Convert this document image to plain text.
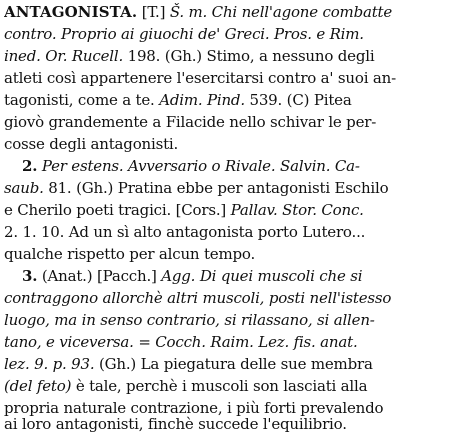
ANTAGONISTA. [T.] Š. m. Chi nell'agone combatte
contro. Proprio ai giuochi de' Greci. Pros. e Rim.
ined. Or. Rucell. 198. (Gh.) Stimo, a nessuno degli
atleti così appartenere l'esercitarsi contro a' suoi an-
tagonisti, come a te. Adim. Pind. 539. (C) Pitea
giovò grandemente a Filacide nello schivar le per-
cosse degli antagonisti.
2. Per estens. Avversario o Rivale. Salvin. Ca-
saub. 81. (Gh.) Pratina ebbe per antagonisti Eschilo
e Cherilo poeti tragici. [Cors.] Pallav. Stor. Conc.
2. 1. 10. Ad un sì alto antagonista porto Lutero...
qualche rispetto per alcun tempo.
3. (Anat.) [Pacch.] Agg. Di quei muscoli che si
contraggono allorchè altri muscoli, posti nell'istesso
luogo, ma in senso contrario, si rilassano, si allen-
tano, e viceversa. = Cocch. Raim. Lez. fis. anat.
lez. 9. p. 93. (Gh.) La piegatura delle sue membra
(del feto) è tale, perchè i muscoli son lasciati alla
propria naturale contrazione, i più forti prevalendo
ai loro antagonisti, finchè succede l'equilibrio.
